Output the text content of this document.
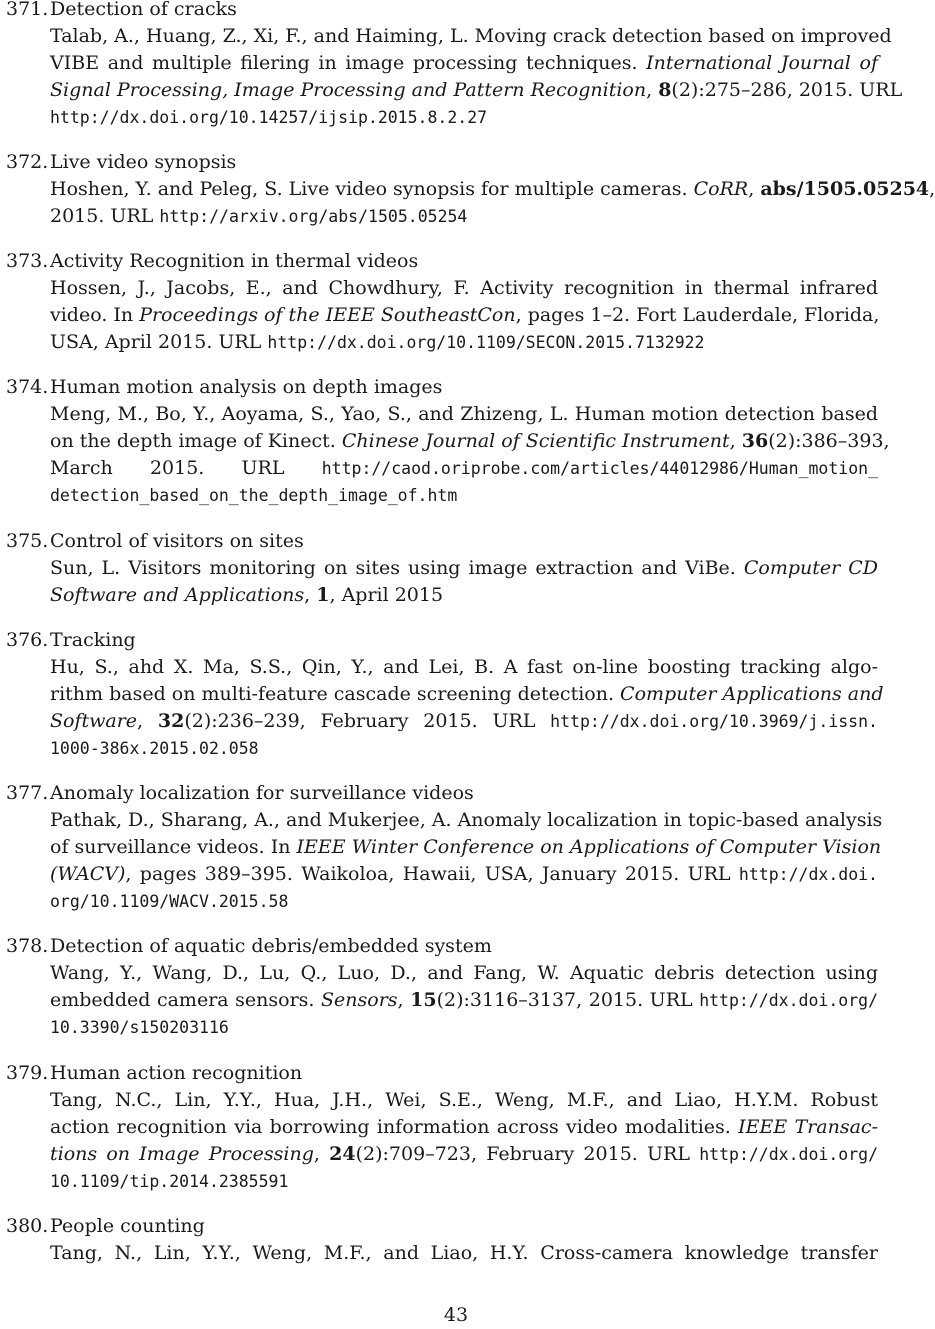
371. Detection of cracks
Talab, A., Huang, Z., Xi, F., and Haiming, L. Moving crack detection based on improved
VIBE and multiple filering in image processing techniques. International Journal of
Signal Processing, Image Processing and Pattern Recognition, 8(2):275–286, 2015. URL
http://dx.doi.org/10.14257/ijsip.2015.8.2.27
372. Live video synopsis
Hoshen, Y. and Peleg, S. Live video synopsis for multiple cameras. CoRR, abs/1505.05254,
2015. URL http://arxiv.org/abs/1505.05254
373. Activity Recognition in thermal videos
Hossen, J., Jacobs, E., and Chowdhury, F. Activity recognition in thermal infrared
video. In Proceedings of the IEEE SoutheastCon, pages 1–2. Fort Lauderdale, Florida,
USA, April 2015. URL http://dx.doi.org/10.1109/SECON.2015.7132922
374. Human motion analysis on depth images
Meng, M., Bo, Y., Aoyama, S., Yao, S., and Zhizeng, L. Human motion detection based
on the depth image of Kinect. Chinese Journal of Scientific Instrument, 36(2):386–393,
March 2015. URL http://caod.oriprobe.com/articles/44012986/Human_motion_
detection_based_on_the_depth_image_of.htm
375. Control of visitors on sites
Sun, L. Visitors monitoring on sites using image extraction and ViBe. Computer CD
Software and Applications, 1, April 2015
376. Tracking
Hu, S., ahd X. Ma, S.S., Qin, Y., and Lei, B. A fast on-line boosting tracking algo-
rithm based on multi-feature cascade screening detection. Computer Applications and
Software, 32(2):236–239, February 2015. URL http://dx.doi.org/10.3969/j.issn.
1000-386x.2015.02.058
377. Anomaly localization for surveillance videos
Pathak, D., Sharang, A., and Mukerjee, A. Anomaly localization in topic-based analysis
of surveillance videos. In IEEE Winter Conference on Applications of Computer Vision
(WACV), pages 389–395. Waikoloa, Hawaii, USA, January 2015. URL http://dx.doi.
org/10.1109/WACV.2015.58
378. Detection of aquatic debris/embedded system
Wang, Y., Wang, D., Lu, Q., Luo, D., and Fang, W. Aquatic debris detection using
embedded camera sensors. Sensors, 15(2):3116–3137, 2015. URL http://dx.doi.org/
10.3390/s150203116
379. Human action recognition
Tang, N.C., Lin, Y.Y., Hua, J.H., Wei, S.E., Weng, M.F., and Liao, H.Y.M. Robust
action recognition via borrowing information across video modalities. IEEE Transac-
tions on Image Processing, 24(2):709–723, February 2015. URL http://dx.doi.org/
10.1109/tip.2014.2385591
380. People counting
Tang, N., Lin, Y.Y., Weng, M.F., and Liao, H.Y. Cross-camera knowledge transfer
43
